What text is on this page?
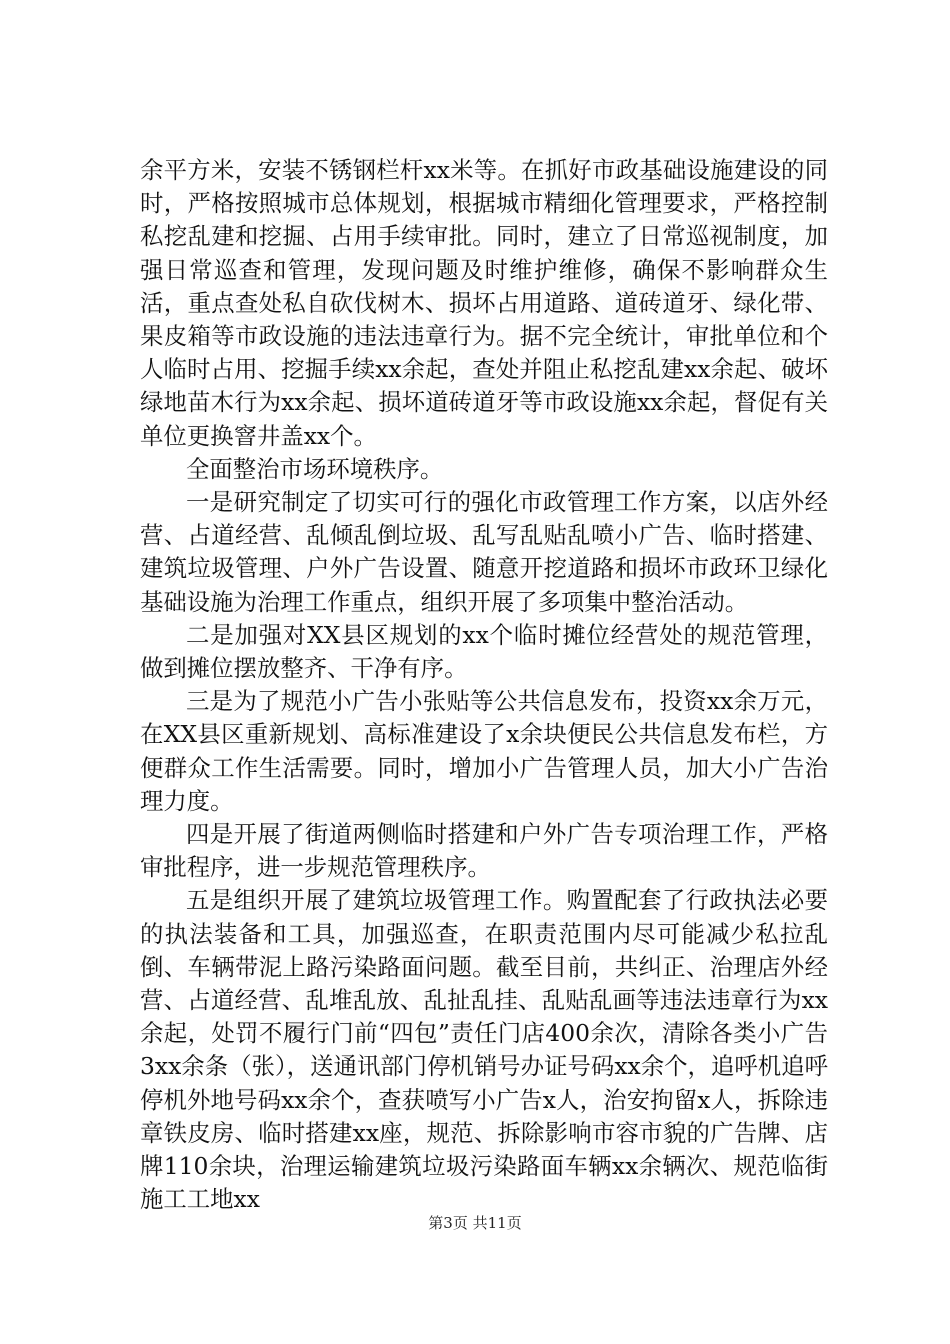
余平方米，安装不锈钢栏杆xx米等。在抓好市政基础设施建设的同时，严格按照城市总体规划，根据城市精细化管理要求，严格控制私挖乱建和挖掘、占用手续审批。同时，建立了日常巡视制度，加强日常巡查和管理，发现问题及时维护维修，确保不影响群众生活，重点查处私自砍伐树木、损坏占用道路、道砖道牙、绿化带、果皮箱等市政设施的违法违章行为。据不完全统计，审批单位和个人临时占用、挖掘手续xx余起，查处并阻止私挖乱建xx余起、破坏绿地苗木行为xx余起、损坏道砖道牙等市政设施xx余起，督促有关单位更换窨井盖xx个。

全面整治市场环境秩序。

一是研究制定了切实可行的强化市政管理工作方案，以店外经营、占道经营、乱倾乱倒垃圾、乱写乱贴乱喷小广告、临时搭建、建筑垃圾管理、户外广告设置、随意开挖道路和损坏市政环卫绿化基础设施为治理工作重点，组织开展了多项集中整治活动。

二是加强对XX县区规划的xx个临时摊位经营处的规范管理，做到摊位摆放整齐、干净有序。

三是为了规范小广告小张贴等公共信息发布，投资xx余万元，在XX县区重新规划、高标准建设了x余块便民公共信息发布栏，方便群众工作生活需要。同时，增加小广告管理人员，加大小广告治理力度。

四是开展了街道两侧临时搭建和户外广告专项治理工作，严格审批程序，进一步规范管理秩序。

五是组织开展了建筑垃圾管理工作。购置配套了行政执法必要的执法装备和工具，加强巡查，在职责范围内尽可能减少私拉乱倒、车辆带泥上路污染路面问题。截至目前，共纠正、治理店外经营、占道经营、乱堆乱放、乱扯乱挂、乱贴乱画等违法违章行为xx余起，处罚不履行门前“四包”责任门店400余次，清除各类小广告3xx余条（张），送通讯部门停机销号办证号码xx余个，追呼机追呼停机外地号码xx余个，查获喷写小广告x人，治安拘留x人，拆除违章铁皮房、临时搭建xx座，规范、拆除影响市容市貌的广告牌、店牌110余块，治理运输建筑垃圾污染路面车辆xx余辆次、规范临街施工工地xx

第3页 共11页
